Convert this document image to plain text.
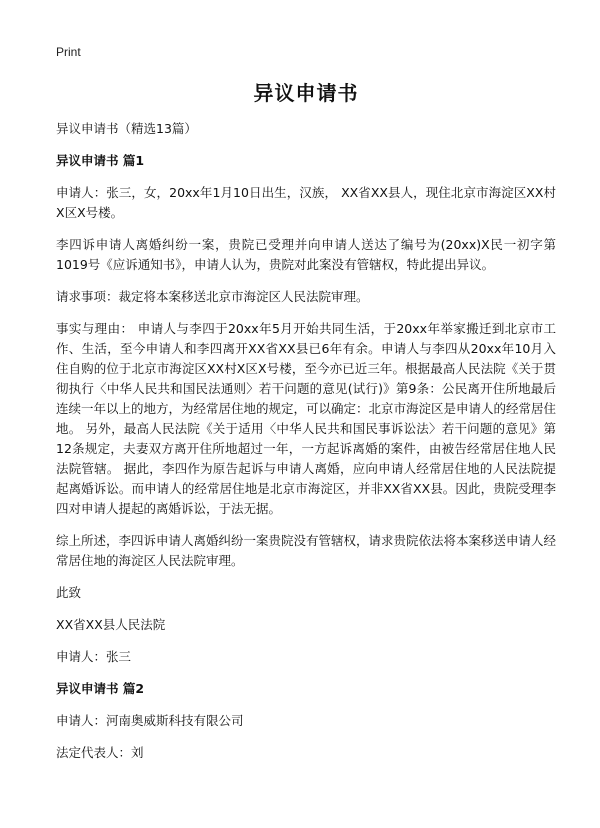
Print
异议申请书
异议申请书（精选13篇）
异议申请书 篇1
申请人：张三，女，20xx年1月10日出生，汉族， XX省XX县人，现住北京市海淀区XX村X区X号楼。
李四诉申请人离婚纠纷一案，贵院已受理并向申请人送达了编号为(20xx)X民一初字第1019号《应诉通知书》，申请人认为，贵院对此案没有管辖权，特此提出异议。
请求事项：裁定将本案移送北京市海淀区人民法院审理。
事实与理由： 申请人与李四于20xx年5月开始共同生活，于20xx年举家搬迁到北京市工作、生活，至今申请人和李四离开XX省XX县已6年有余。申请人与李四从20xx年10月入住自购的位于北京市海淀区XX村X区X号楼，至今亦已近三年。根据最高人民法院《关于贯彻执行〈中华人民共和国民法通则〉若干问题的意见(试行)》第9条：公民离开住所地最后连续一年以上的地方，为经常居住地的规定，可以确定：北京市海淀区是申请人的经常居住地。 另外，最高人民法院《关于适用〈中华人民共和国民事诉讼法〉若干问题的意见》第12条规定，夫妻双方离开住所地超过一年，一方起诉离婚的案件，由被告经常居住地人民法院管辖。 据此，李四作为原告起诉与申请人离婚，应向申请人经常居住地的人民法院提起离婚诉讼。而申请人的经常居住地是北京市海淀区，并非XX省XX县。因此，贵院受理李四对申请人提起的离婚诉讼，于法无据。
综上所述，李四诉申请人离婚纠纷一案贵院没有管辖权，请求贵院依法将本案移送申请人经常居住地的海淀区人民法院审理。
此致
XX省XX县人民法院
申请人：张三
异议申请书 篇2
申请人：河南奥威斯科技有限公司
法定代表人：刘
